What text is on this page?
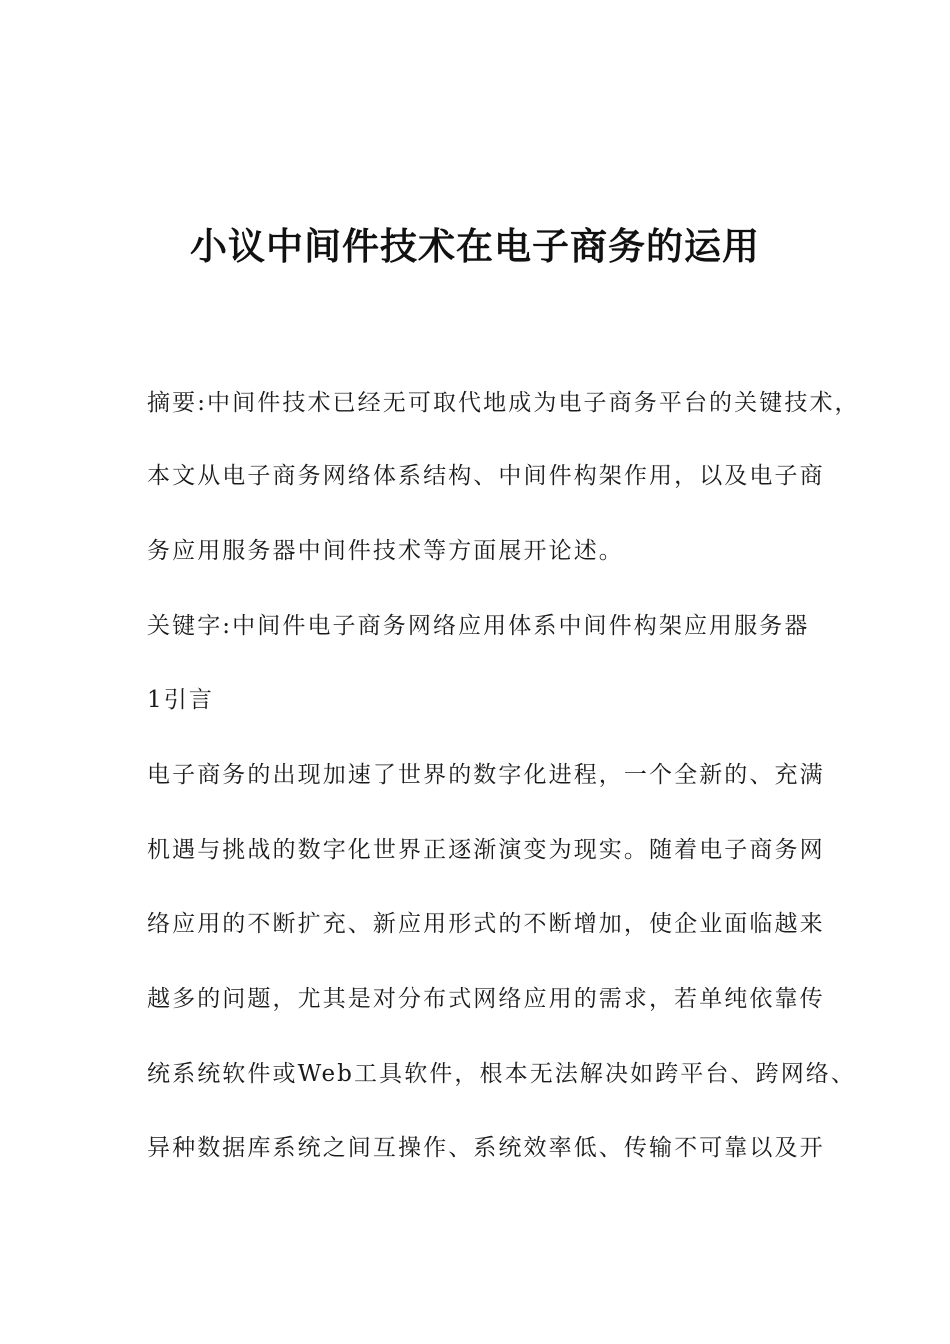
小议中间件技术在电子商务的运用
摘要:中间件技术已经无可取代地成为电子商务平台的关键技术，
本文从电子商务网络体系结构、中间件构架作用，以及电子商
务应用服务器中间件技术等方面展开论述。
关键字:中间件电子商务网络应用体系中间件构架应用服务器
1引言
电子商务的出现加速了世界的数字化进程，一个全新的、充满
机遇与挑战的数字化世界正逐渐演变为现实。随着电子商务网
络应用的不断扩充、新应用形式的不断增加，使企业面临越来
越多的问题，尤其是对分布式网络应用的需求，若单纯依靠传
统系统软件或Web工具软件，根本无法解决如跨平台、跨网络、
异种数据库系统之间互操作、系统效率低、传输不可靠以及开
